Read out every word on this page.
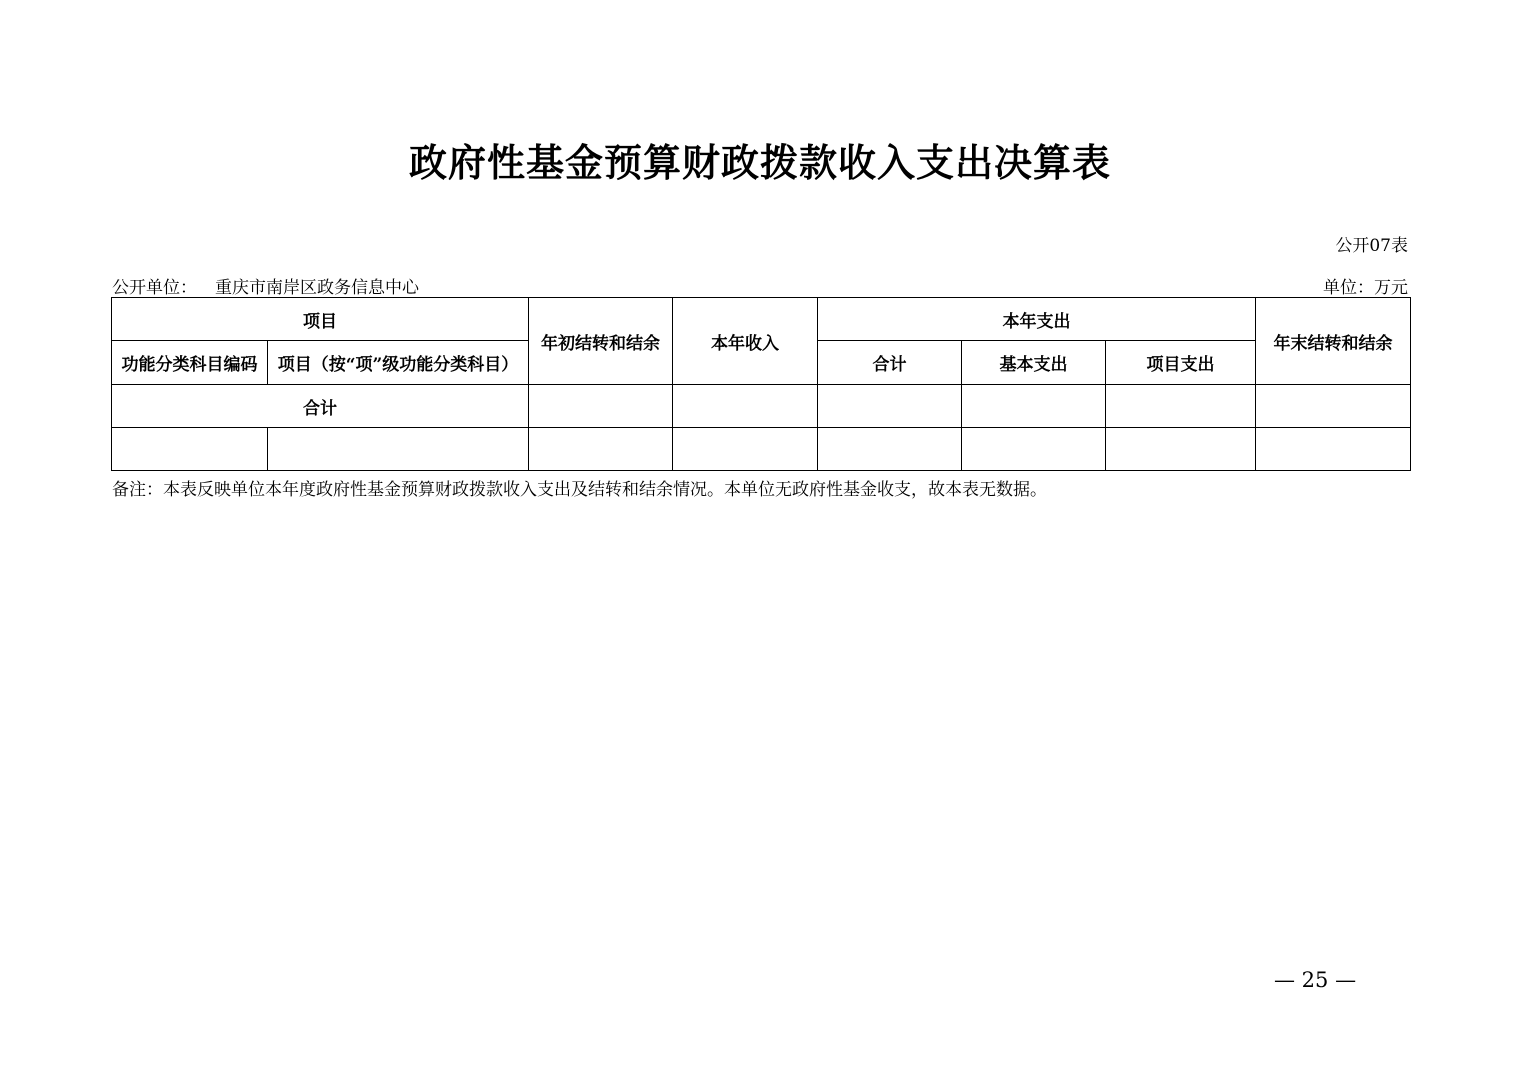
政府性基金预算财政拨款收入支出决算表
公开07表
公开单位： 重庆市南岸区政务信息中心	单位：万元
项目		年初结转和结余	本年收入	本年支出			年末结转和结余
功能分类科目编码	项目（按“项”级功能分类科目）			合计	基本支出	项目支出	
合计							

备注：本表反映单位本年度政府性基金预算财政拨款收入支出及结转和结余情况。本单位无政府性基金收支，故本表无数据。
— 25 —
